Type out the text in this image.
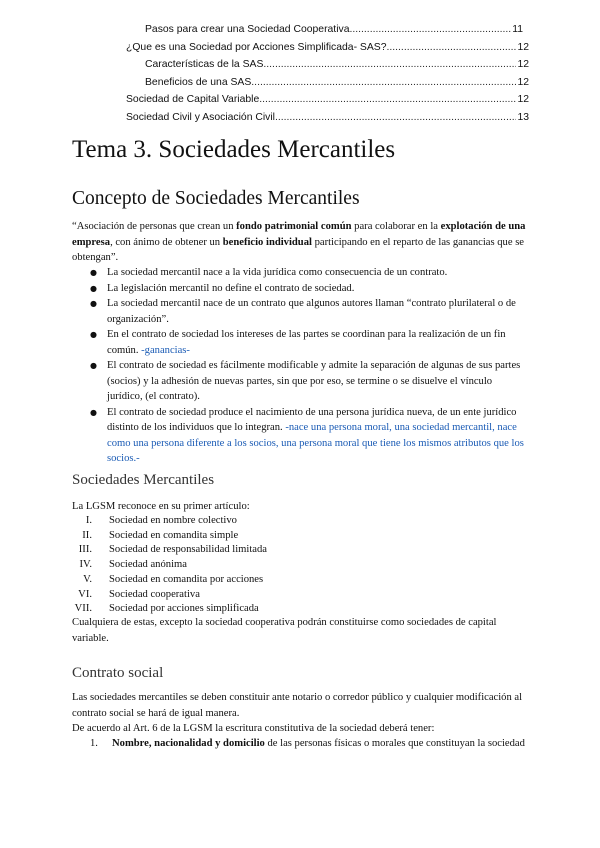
Pasos para crear una Sociedad Cooperativa .....	11
¿Que es una Sociedad por Acciones Simplificada- SAS? .....	12
Características de la SAS .....	12
Beneficios de una SAS .....	12
Sociedad de Capital Variable .....	12
Sociedad Civil y Asociación Civil .....	13
Tema 3. Sociedades Mercantiles
Concepto de Sociedades Mercantiles

“Asociación de personas que crean un fondo patrimonial común para colaborar en la explotación de una empresa, con ánimo de obtener un beneficio individual participando en el reparto de las ganancias que se obtengan”.

● La sociedad mercantil nace a la vida jurídica como consecuencia de un contrato.
● La legislación mercantil no define el contrato de sociedad.
● La sociedad mercantil nace de un contrato que algunos autores llaman “contrato plurilateral o de organización”.
● En el contrato de sociedad los intereses de las partes se coordinan para la realización de un fin común. -ganancias-
● El contrato de sociedad es fácilmente modificable y admite la separación de algunas de sus partes (socios) y la adhesión de nuevas partes, sin que por eso, se termine o se disuelve el vínculo jurídico, (el contrato).
● El contrato de sociedad produce el nacimiento de una persona jurídica nueva, de un ente jurídico distinto de los individuos que lo integran. -nace una persona moral, una sociedad mercantil, nace como una persona diferente a los socios, una persona moral que tiene los mismos atributos que los socios.-
Sociedades Mercantiles

La LGSM reconoce en su primer artículo:

I.	Sociedad en nombre colectivo
II.	Sociedad en comandita simple
III.	Sociedad de responsabilidad limitada
IV.	Sociedad anónima
V.	Sociedad en comandita por acciones
VI.	Sociedad cooperativa
VII.	Sociedad por acciones simplificada

Cualquiera de estas, excepto la sociedad cooperativa podrán constituirse como sociedades de capital variable.

Contrato social

Las sociedades mercantiles se deben constituir ante notario o corredor público y cualquier modificación al contrato social se hará de igual manera.

De acuerdo al Art. 6 de la LGSM la escritura constitutiva de la sociedad deberá tener:

1. Nombre, nacionalidad y domicilio de las personas físicas o morales que constituyan la sociedad
